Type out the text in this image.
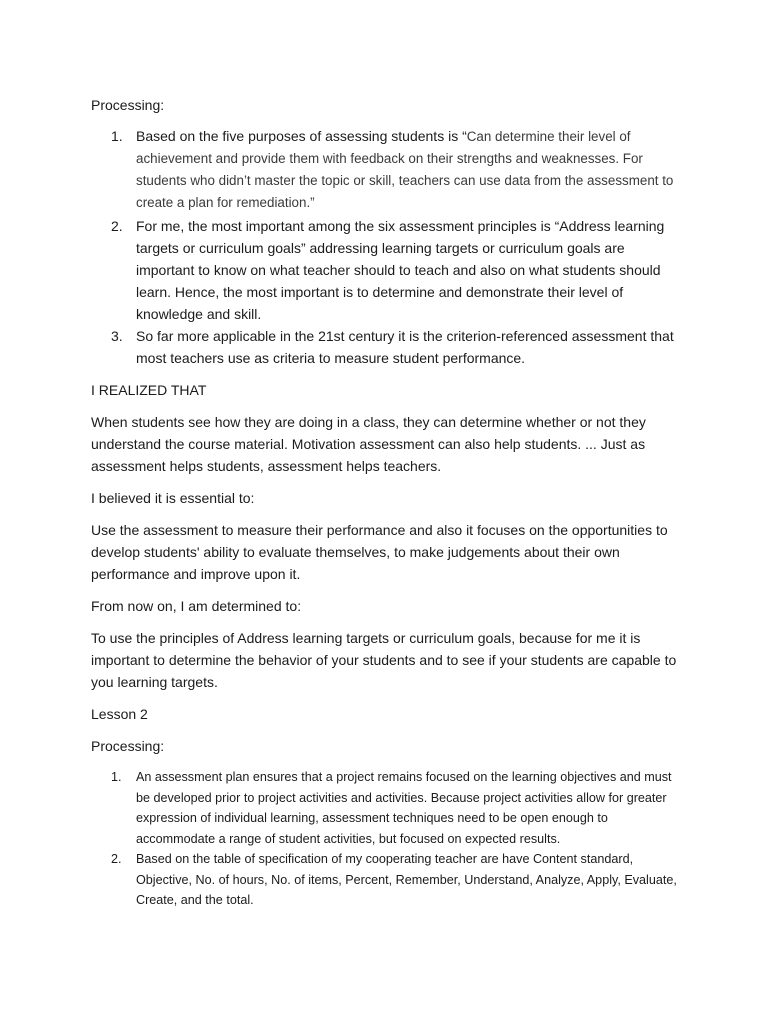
Processing:

1. Based on the five purposes of assessing students is “Can determine their level of achievement and provide them with feedback on their strengths and weaknesses. For students who didn’t master the topic or skill, teachers can use data from the assessment to create a plan for remediation.”
2. For me, the most important among the six assessment principles is “Address learning targets or curriculum goals” addressing learning targets or curriculum goals are important to know on what teacher should to teach and also on what students should learn. Hence, the most important is to determine and demonstrate their level of knowledge and skill.
3. So far more applicable in the 21st century it is the criterion-referenced assessment that most teachers use as criteria to measure student performance.

I REALIZED THAT

When students see how they are doing in a class, they can determine whether or not they understand the course material. Motivation assessment can also help students. ... Just as assessment helps students, assessment helps teachers.

I believed it is essential to:

Use the assessment to measure their performance and also it focuses on the opportunities to develop students' ability to evaluate themselves, to make judgements about their own performance and improve upon it.

From now on, I am determined to:

To use the principles of Address learning targets or curriculum goals, because for me it is important to determine the behavior of your students and to see if your students are capable to you learning targets.

Lesson 2

Processing:

1. An assessment plan ensures that a project remains focused on the learning objectives and must be developed prior to project activities and activities. Because project activities allow for greater expression of individual learning, assessment techniques need to be open enough to accommodate a range of student activities, but focused on expected results.
2. Based on the table of specification of my cooperating teacher are have Content standard, Objective, No. of hours, No. of items, Percent, Remember, Understand, Analyze, Apply, Evaluate, Create, and the total.
